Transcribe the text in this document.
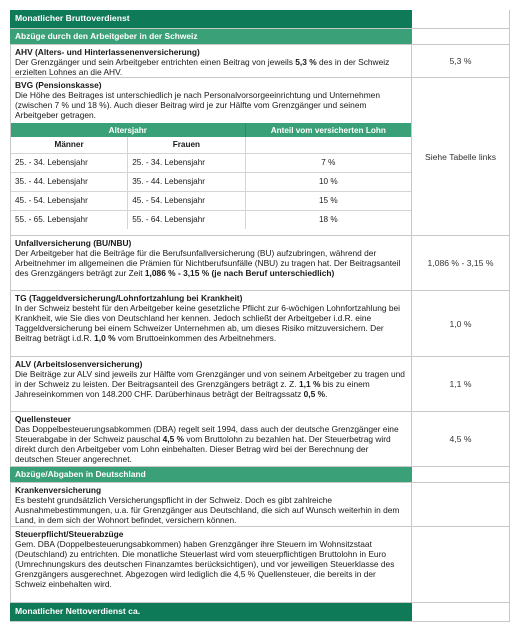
Monatlicher Bruttoverdienst
Abzüge durch den Arbeitgeber in der Schweiz
AHV (Alters- und Hinterlassenenversicherung)
Der Grenzgänger und sein Arbeitgeber entrichten einen Beitrag von jeweils 5,3 % des in der Schweiz erzielten Lohnes an die AHV.
5,3 %
BVG (Pensionskasse)
Die Höhe des Beitrages ist unterschiedlich je nach Personalvorsorgeeinrichtung und Unternehmen (zwischen 7 % und 18 %). Auch dieser Beitrag wird je zur Hälfte vom Grenzgänger und seinem Arbeitgeber getragen.
Altersjahr		Anteil vom versicherten Lohn
Männer	Frauen	
25. - 34. Lebensjahr	25. - 34. Lebensjahr	7 %
35. - 44. Lebensjahr	35. - 44. Lebensjahr	10 %
45. - 54. Lebensjahr	45. - 54. Lebensjahr	15 %
55. - 65. Lebensjahr	55. - 64. Lebensjahr	18 %
Siehe Tabelle links
Unfallversicherung (BU/NBU)
Der Arbeitgeber hat die Beiträge für die Berufsunfallversicherung (BU) aufzubringen, während der Arbeitnehmer im allgemeinen die Prämien für Nichtberufsunfälle (NBU) zu tragen hat. Der Beitragsanteil des Grenzgängers beträgt zur Zeit 1,086 % - 3,15 % (je nach Beruf unterschiedlich)
1,086 % - 3,15 %
TG (Taggeldversicherung/Lohnfortzahlung bei Krankheit)
In der Schweiz besteht für den Arbeitgeber keine gesetzliche Pflicht zur 6-wöchigen Lohnfortzahlung bei Krankheit, wie Sie dies von Deutschland her kennen. Jedoch schließt der Arbeitgeber i.d.R. eine Taggeldversicherung bei einem Schweizer Unternehmen ab, um dieses Risiko mitzuversichern. Der Beitrag beträgt i.d.R. 1,0 % vom Bruttoeinkommen des Arbeitnehmers.
1,0 %
ALV (Arbeitslosenversicherung)
Die Beiträge zur ALV sind jeweils zur Hälfte vom Grenzgänger und von seinem Arbeitgeber zu tragen und in der Schweiz zu leisten. Der Beitragsanteil des Grenzgängers beträgt z. Z. 1,1 % bis zu einem Jahreseinkommen von 148.200 CHF. Darüberhinaus beträgt der Beitragssatz 0,5 %.
1,1 %
Quellensteuer
Das Doppelbesteuerungsabkommen (DBA) regelt seit 1994, dass auch der deutsche Grenzgänger eine Steuerabgabe in der Schweiz pauschal 4,5 % vom Bruttolohn zu bezahlen hat. Der Steuerbetrag wird direkt durch den Arbeitgeber vom Lohn einbehalten. Dieser Betrag wird bei der Berechnung der deutschen Steuer angerechnet.
4,5 %
Abzüge/Abgaben in Deutschland
Krankenversicherung
Es besteht grundsätzlich Versicherungspflicht in der Schweiz. Doch es gibt zahlreiche Ausnahmebestimmungen, u.a. für Grenzgänger aus Deutschland, die sich auf Wunsch weiterhin in dem Land, in dem sich der Wohnort befindet, versichern können.
Steuerpflicht/Steuerabzüge
Gem. DBA (Doppelbesteuerungsabkommen) haben Grenzgänger ihre Steuern im Wohnsitzstaat (Deutschland) zu entrichten. Die monatliche Steuerlast wird vom steuerpflichtigen Bruttolohn in Euro (Umrechnungskurs des deutschen Finanzamtes berücksichtigen), und vor jeweiligen Steuerklasse des Grenzgängers ausgerechnet. Abgezogen wird lediglich die 4,5 % Quellensteuer, die bereits in der Schweiz einbehalten wird.
Monatlicher Nettoverdienst ca.
